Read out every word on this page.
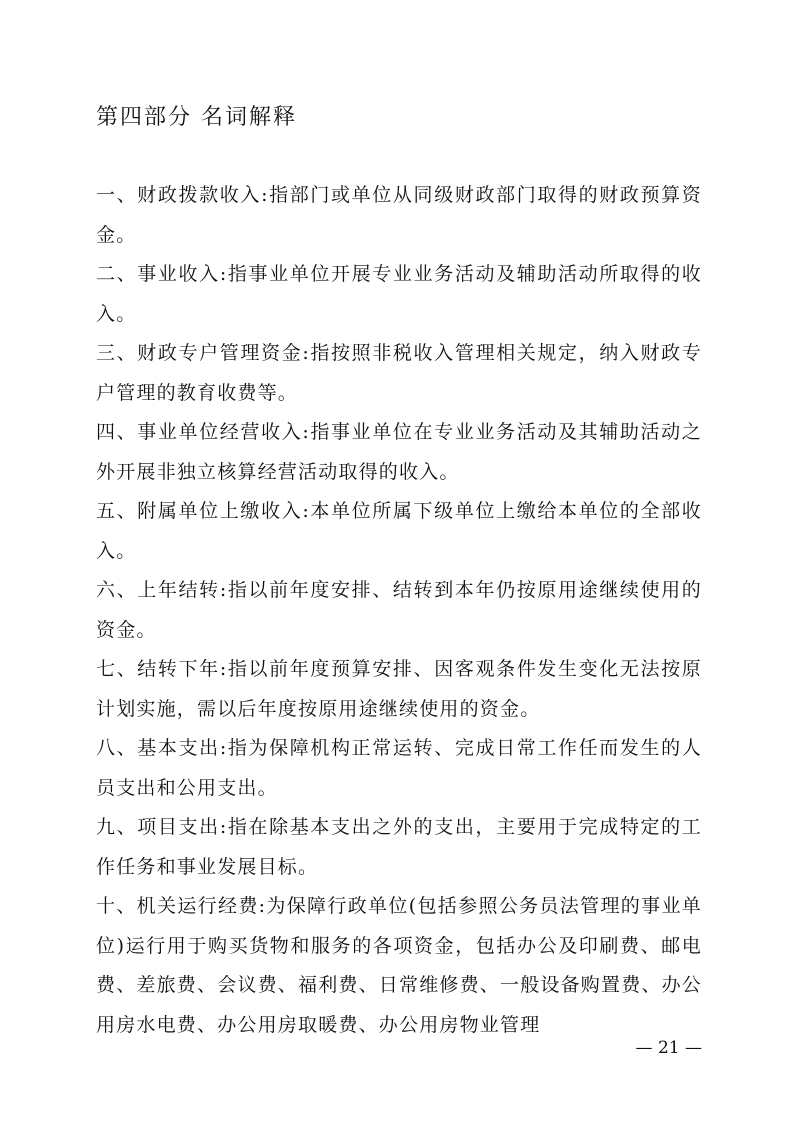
第四部分 名词解释

一、财政拨款收入:指部门或单位从同级财政部门取得的财政预算资金。

二、事业收入:指事业单位开展专业业务活动及辅助活动所取得的收入。

三、财政专户管理资金:指按照非税收入管理相关规定，纳入财政专户管理的教育收费等。

四、事业单位经营收入:指事业单位在专业业务活动及其辅助活动之外开展非独立核算经营活动取得的收入。

五、附属单位上缴收入:本单位所属下级单位上缴给本单位的全部收入。

六、上年结转:指以前年度安排、结转到本年仍按原用途继续使用的资金。

七、结转下年:指以前年度预算安排、因客观条件发生变化无法按原计划实施，需以后年度按原用途继续使用的资金。

八、基本支出:指为保障机构正常运转、完成日常工作任而发生的人员支出和公用支出。

九、项目支出:指在除基本支出之外的支出，主要用于完成特定的工作任务和事业发展目标。

十、机关运行经费:为保障行政单位(包括参照公务员法管理的事业单位)运行用于购买货物和服务的各项资金，包括办公及印刷费、邮电费、差旅费、会议费、福利费、日常维修费、一般设备购置费、办公用房水电费、办公用房取暖费、办公用房物业管理

— 21 —
